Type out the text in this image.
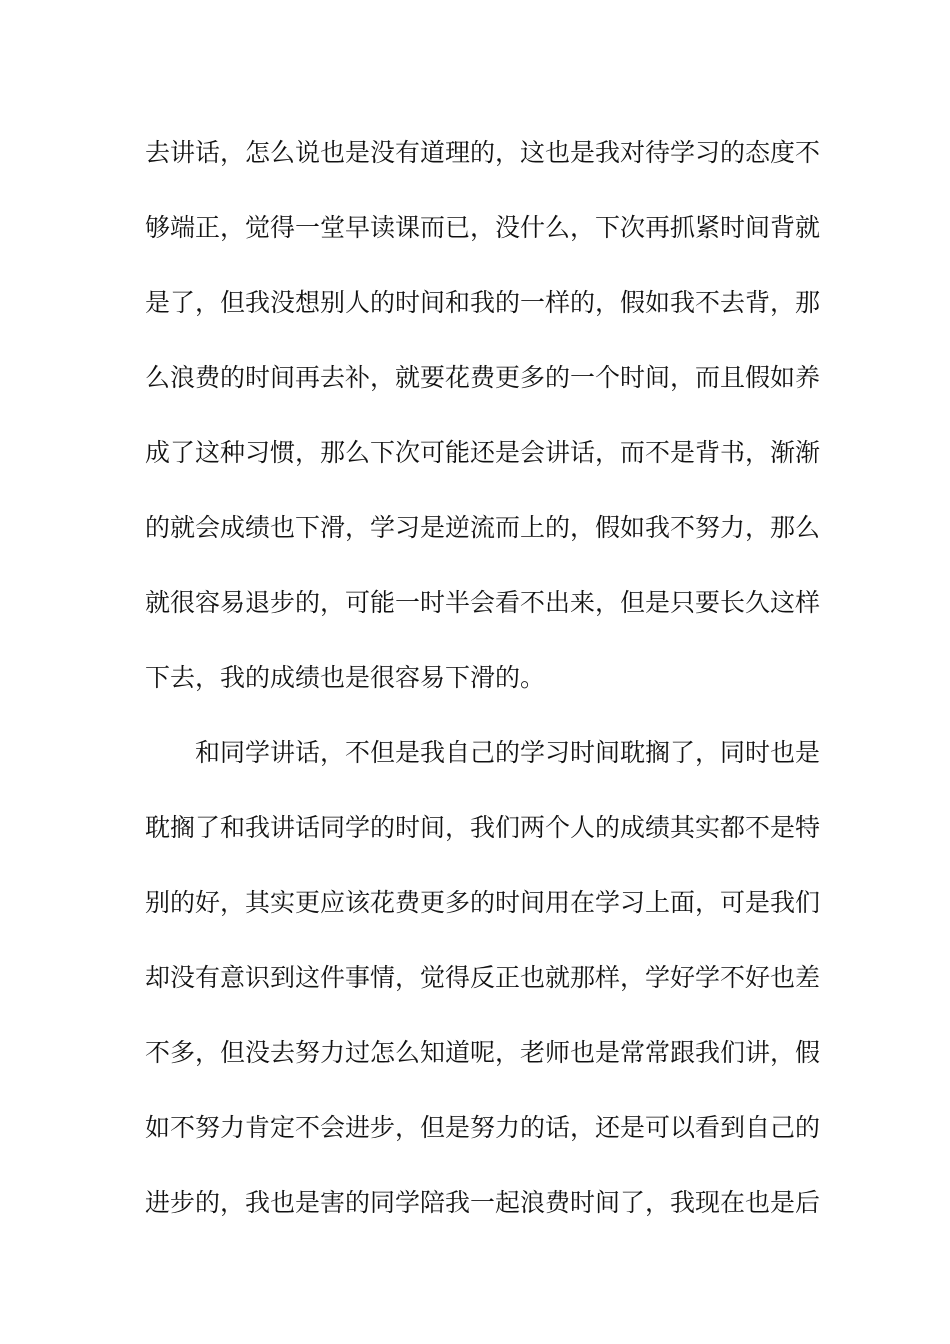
去讲话，怎么说也是没有道理的，这也是我对待学习的态度不
够端正，觉得一堂早读课而已，没什么，下次再抓紧时间背就
是了，但我没想别人的时间和我的一样的，假如我不去背，那
么浪费的时间再去补，就要花费更多的一个时间，而且假如养
成了这种习惯，那么下次可能还是会讲话，而不是背书，渐渐
的就会成绩也下滑，学习是逆流而上的，假如我不努力，那么
就很容易退步的，可能一时半会看不出来，但是只要长久这样
下去，我的成绩也是很容易下滑的。
和同学讲话，不但是我自己的学习时间耽搁了，同时也是
耽搁了和我讲话同学的时间，我们两个人的成绩其实都不是特
别的好，其实更应该花费更多的时间用在学习上面，可是我们
却没有意识到这件事情，觉得反正也就那样，学好学不好也差
不多，但没去努力过怎么知道呢，老师也是常常跟我们讲，假
如不努力肯定不会进步，但是努力的话，还是可以看到自己的
进步的，我也是害的同学陪我一起浪费时间了，我现在也是后
